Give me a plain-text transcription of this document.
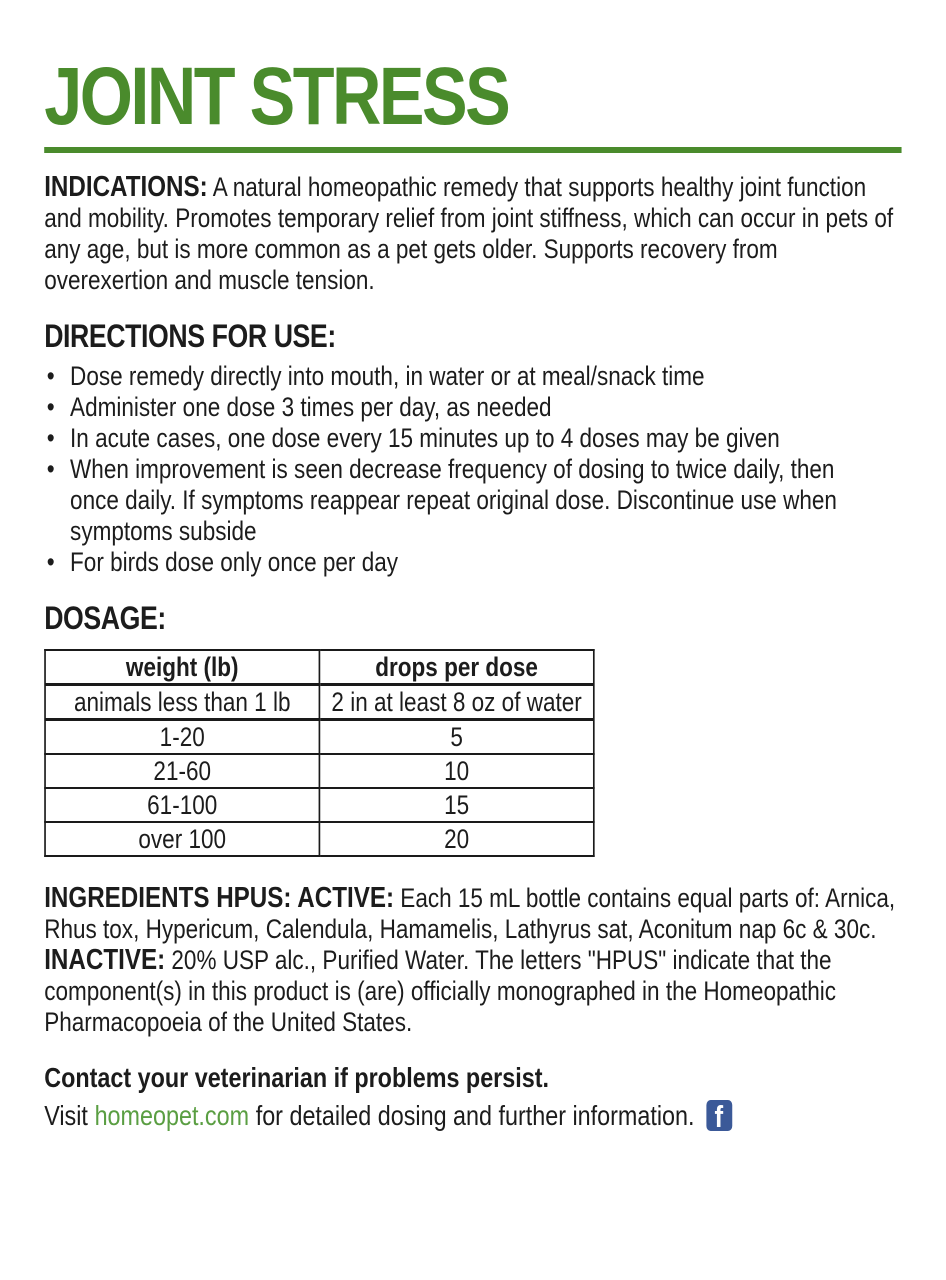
JOINT STRESS

INDICATIONS: A natural homeopathic remedy that supports healthy joint function and mobility. Promotes temporary relief from joint stiffness, which can occur in pets of any age, but is more common as a pet gets older. Supports recovery from overexertion and muscle tension.

DIRECTIONS FOR USE:
•
Dose remedy directly into mouth, in water or at meal/snack time
•
Administer one dose 3 times per day, as needed
•
In acute cases, one dose every 15 minutes up to 4 doses may be given
•
When improvement is seen decrease frequency of dosing to twice daily, then once daily. If symptoms reappear repeat original dose. Discontinue use when symptoms subside
•
For birds dose only once per day
DOSAGE:
weight (lb)	drops per dose
animals less than 1 lb	2 in at least 8 oz of water
1-20	5
21-60	10
61-100	15
over 100	20

INGREDIENTS HPUS: ACTIVE: Each 15 mL bottle contains equal parts of: Arnica, Rhus tox, Hypericum, Calendula, Hamamelis, Lathyrus sat, Aconitum nap 6c & 30c. INACTIVE: 20% USP alc., Purified Water. The letters "HPUS" indicate that the component(s) in this product is (are) officially monographed in the Homeopathic Pharmacopoeia of the United States.

Contact your veterinarian if problems persist.

Visit homeopet.com for detailed dosing and further information. f
